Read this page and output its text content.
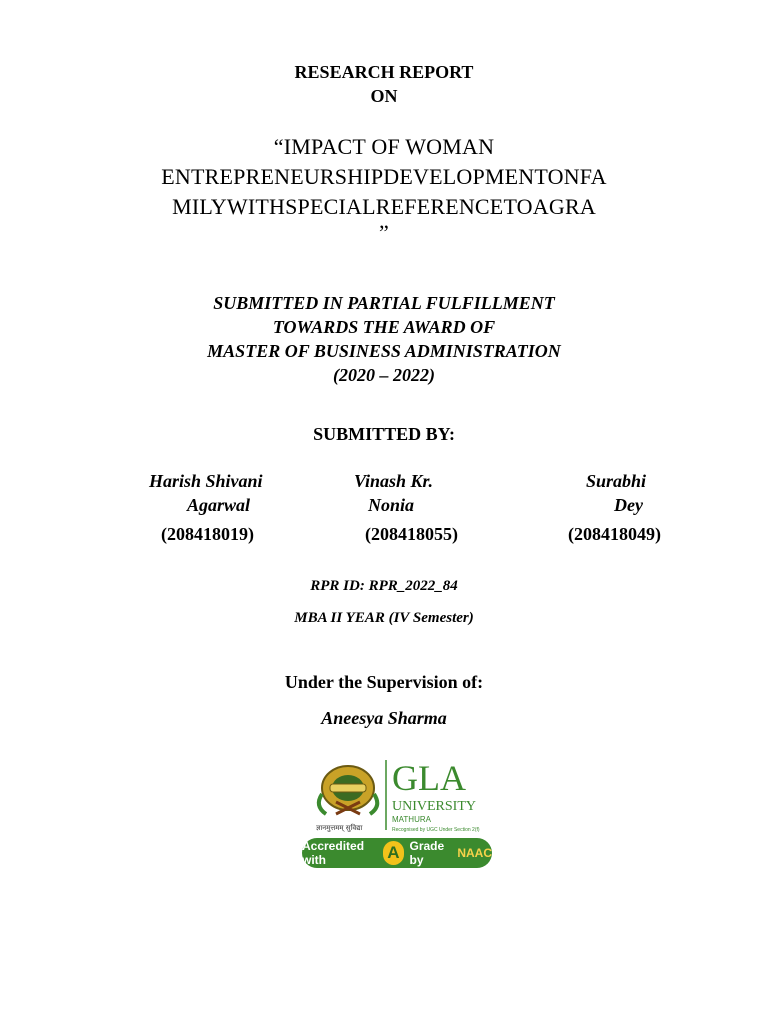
RESEARCH REPORT
ON
“IMPACT OF WOMAN
ENTREPRENEURSHIPDEVELOPMENTONFA
MILYWITHSPECIALREFERENCETOAGRA
”
SUBMITTED IN PARTIAL FULFILLMENT
TOWARDS THE AWARD OF
MASTER OF BUSINESS ADMINISTRATION
(2020 – 2022)
SUBMITTED BY:
Harish Shivani
Agarwal
(208418019)
Vinash Kr.
Nonia
(208418055)
Surabhi
Dey
(208418049)
RPR ID: RPR_2022_84
MBA II YEAR (IV Semester)
Under the Supervision of:
Aneesya Sharma
GLA
UNIVERSITY
MATHURA
Recognised by UGC Under Section 2(f)
ज्ञानमुत्तमम् सुविद्या
Accredited with	A Grade by	NAAC
